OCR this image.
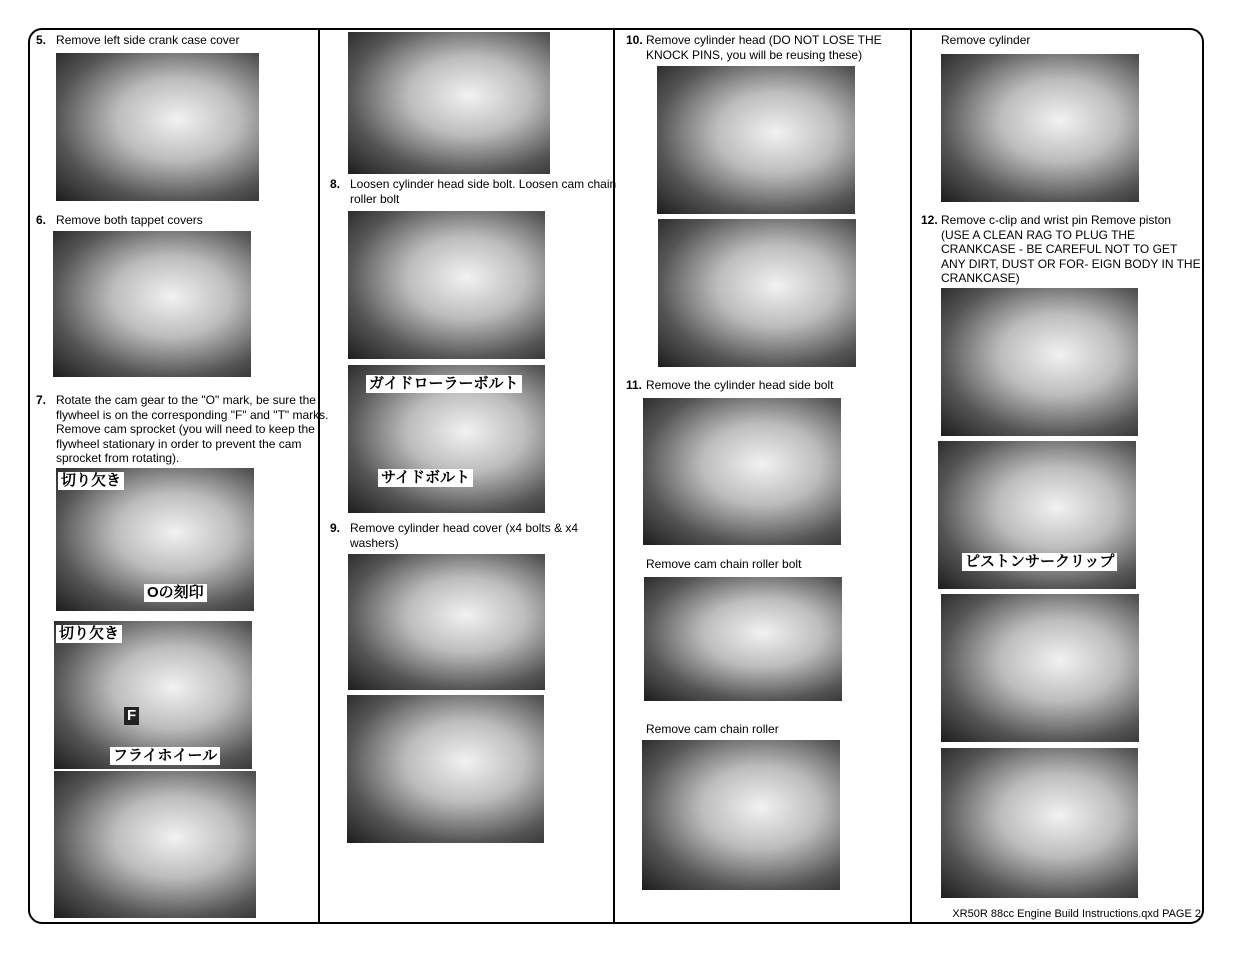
5. Remove left side crank case cover
6. Remove both tappet covers
7. Rotate the cam gear to the "O" mark, be sure the flywheel is on the corresponding "F" and "T" marks. Remove cam sprocket (you will need to keep the flywheel stationary in order to prevent the cam sprocket from rotating).
切り欠き
Oの刻印
切り欠き
F
フライホイール
8. Loosen cylinder head side bolt. Loosen cam chain roller bolt
ガイドローラーボルト
サイドボルト
9. Remove cylinder head cover (x4 bolts & x4 washers)
10. Remove cylinder head (DO NOT LOSE THE KNOCK PINS, you will be reusing these)
11. Remove the cylinder head side bolt
Remove cam chain roller bolt
Remove cam chain roller
Remove cylinder
12. Remove c-clip and wrist pin Remove piston (USE A CLEAN RAG TO PLUG THE CRANKCASE - BE CAREFUL NOT TO GET ANY DIRT, DUST OR FOR- EIGN BODY IN THE CRANKCASE)
ピストンサークリップ
XR50R 88cc Engine Build Instructions.qxd PAGE 2
